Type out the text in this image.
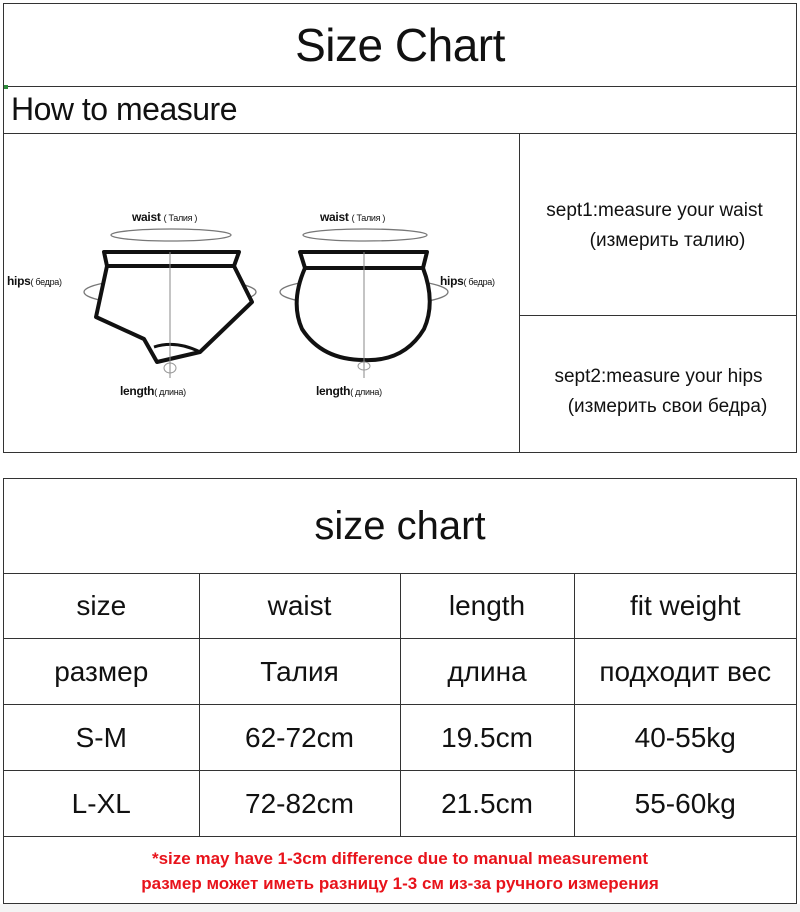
Size Chart
How to measure
waist ( Талия )	waist ( Талия )
hips( бедра)	hips( бедра)
length( длина)	length( длина)
sept1:measure your waist
(измерить талию)
sept2:measure your hips
(измерить свои бедра)
size chart
size	waist	length	fit weight
размер	Талия	длина	подходит вес
S-M	62-72cm	19.5cm	40-55kg
L-XL	72-82cm	21.5cm	55-60kg
*size may have 1-3cm difference due to manual measurement
размер может иметь разницу 1-3 см из-за ручного измерения
